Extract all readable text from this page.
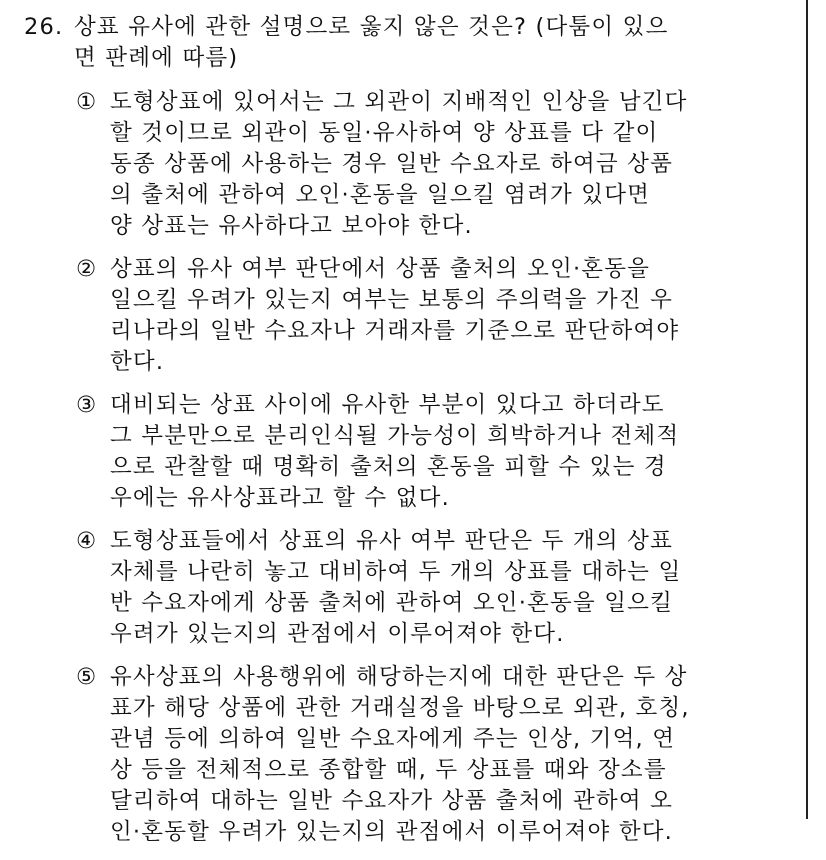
26. 상표 유사에 관한 설명으로 옳지 않은 것은? (다툼이 있으
면 판례에 따름)
① 도형상표에 있어서는 그 외관이 지배적인 인상을 남긴다
할 것이므로 외관이 동일·유사하여 양 상표를 다 같이
동종 상품에 사용하는 경우 일반 수요자로 하여금 상품
의 출처에 관하여 오인·혼동을 일으킬 염려가 있다면
양 상표는 유사하다고 보아야 한다.
② 상표의 유사 여부 판단에서 상품 출처의 오인·혼동을
일으킬 우려가 있는지 여부는 보통의 주의력을 가진 우
리나라의 일반 수요자나 거래자를 기준으로 판단하여야
한다.
③ 대비되는 상표 사이에 유사한 부분이 있다고 하더라도
그 부분만으로 분리인식될 가능성이 희박하거나 전체적
으로 관찰할 때 명확히 출처의 혼동을 피할 수 있는 경
우에는 유사상표라고 할 수 없다.
④ 도형상표들에서 상표의 유사 여부 판단은 두 개의 상표
자체를 나란히 놓고 대비하여 두 개의 상표를 대하는 일
반 수요자에게 상품 출처에 관하여 오인·혼동을 일으킬
우려가 있는지의 관점에서 이루어져야 한다.
⑤ 유사상표의 사용행위에 해당하는지에 대한 판단은 두 상
표가 해당 상품에 관한 거래실정을 바탕으로 외관, 호칭,
관념 등에 의하여 일반 수요자에게 주는 인상, 기억, 연
상 등을 전체적으로 종합할 때, 두 상표를 때와 장소를
달리하여 대하는 일반 수요자가 상품 출처에 관하여 오
인·혼동할 우려가 있는지의 관점에서 이루어져야 한다.
